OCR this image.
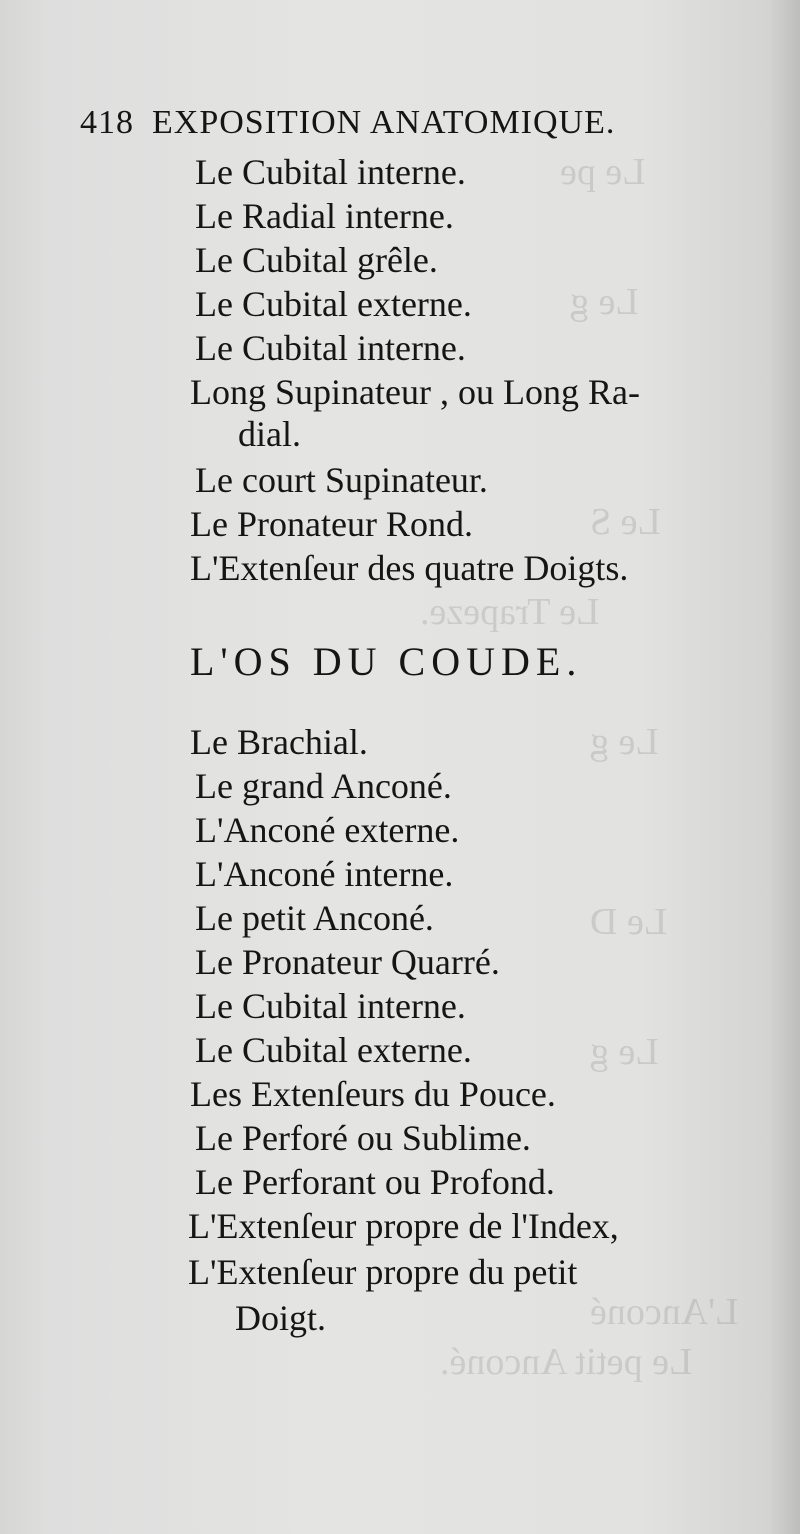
Le pe
Le g
Le S
Le Trapeze.
Le g
Le D
Le g
L'Anconé
Le petit Anconé.
418 EXPOSITION ANATOMIQUE.
Le Cubital interne.
Le Radial interne.
Le Cubital grêle.
Le Cubital externe.
Le Cubital interne.
Long Supinateur , ou Long Ra-
dial.
Le court Supinateur.
Le Pronateur Rond.
L'Extenſeur des quatre Doigts.
L'OS DU COUDE.
Le Brachial.
Le grand Anconé.
L'Anconé externe.
L'Anconé interne.
Le petit Anconé.
Le Pronateur Quarré.
Le Cubital interne.
Le Cubital externe.
Les Extenſeurs du Pouce.
Le Perforé ou Sublime.
Le Perforant ou Profond.
L'Extenſeur propre de l'Index,
L'Extenſeur propre du petit
Doigt.
